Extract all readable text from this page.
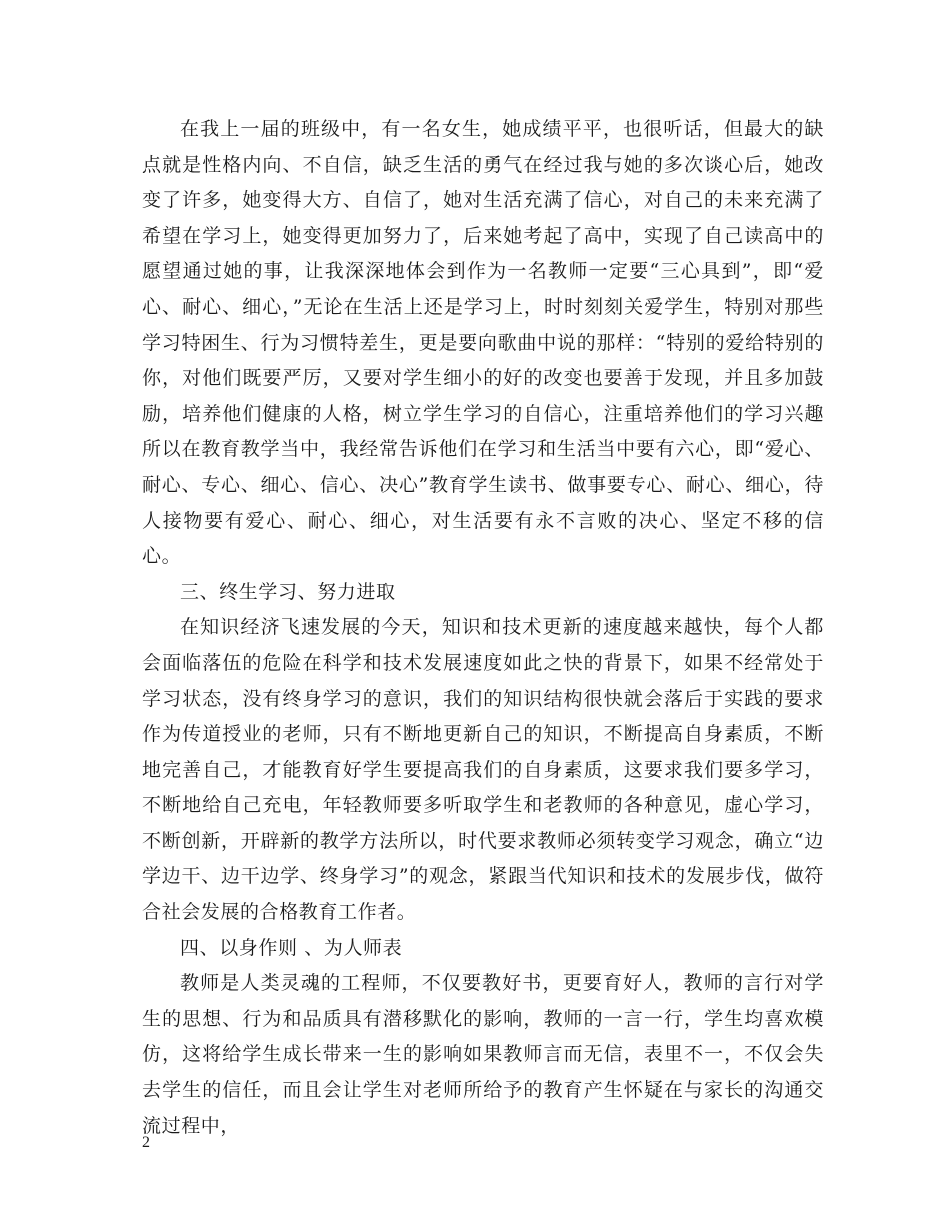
在我上一届的班级中，有一名女生，她成绩平平，也很听话，但最大的缺点就是性格内向、不自信，缺乏生活的勇气在经过我与她的多次谈心后，她改变了许多，她变得大方、自信了，她对生活充满了信心，对自己的未来充满了希望在学习上，她变得更加努力了，后来她考起了高中，实现了自己读高中的愿望通过她的事，让我深深地体会到作为一名教师一定要“三心具到”，即“爱心、耐心、细心，”无论在生活上还是学习上，时时刻刻关爱学生，特别对那些学习特困生、行为习惯特差生，更是要向歌曲中说的那样：“特别的爱给特别的你，对他们既要严厉，又要对学生细小的好的改变也要善于发现，并且多加鼓励，培养他们健康的人格，树立学生学习的自信心，注重培养他们的学习兴趣所以在教育教学当中，我经常告诉他们在学习和生活当中要有六心，即“爱心、耐心、专心、细心、信心、决心”教育学生读书、做事要专心、耐心、细心，待人接物要有爱心、耐心、细心，对生活要有永不言败的决心、坚定不移的信心。

三、终生学习、努力进取

在知识经济飞速发展的今天，知识和技术更新的速度越来越快，每个人都会面临落伍的危险在科学和技术发展速度如此之快的背景下，如果不经常处于学习状态，没有终身学习的意识，我们的知识结构很快就会落后于实践的要求作为传道授业的老师，只有不断地更新自己的知识，不断提高自身素质，不断地完善自己，才能教育好学生要提高我们的自身素质，这要求我们要多学习，不断地给自己充电，年轻教师要多听取学生和老教师的各种意见，虚心学习，不断创新，开辟新的教学方法所以，时代要求教师必须转变学习观念，确立“边学边干、边干边学、终身学习”的观念，紧跟当代知识和技术的发展步伐，做符合社会发展的合格教育工作者。

四、以身作则 、为人师表

教师是人类灵魂的工程师，不仅要教好书，更要育好人，教师的言行对学生的思想、行为和品质具有潜移默化的影响，教师的一言一行，学生均喜欢模仿，这将给学生成长带来一生的影响如果教师言而无信，表里不一，不仅会失去学生的信任，而且会让学生对老师所给予的教育产生怀疑在与家长的沟通交流过程中，

2
